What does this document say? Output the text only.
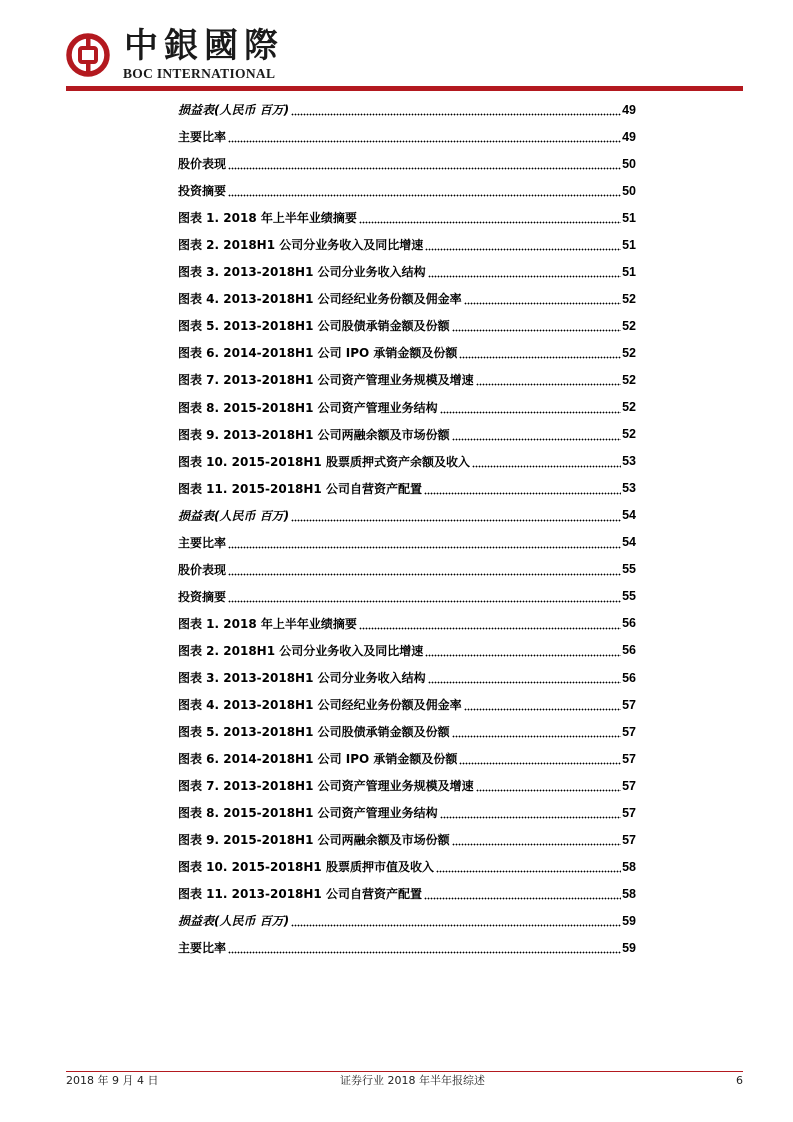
中銀國際
BOC INTERNATIONAL
损益表(人民币 百万)	49
主要比率	49
股价表现	50
投资摘要	50
图表 1. 2018 年上半年业绩摘要	51
图表 2. 2018H1 公司分业务收入及同比增速	51
图表 3. 2013-2018H1 公司分业务收入结构	51
图表 4. 2013-2018H1 公司经纪业务份额及佣金率	52
图表 5. 2013-2018H1 公司股债承销金额及份额	52
图表 6. 2014-2018H1 公司 IPO 承销金额及份额	52
图表 7. 2013-2018H1 公司资产管理业务规模及增速	52
图表 8. 2015-2018H1 公司资产管理业务结构	52
图表 9. 2013-2018H1 公司两融余额及市场份额	52
图表 10. 2015-2018H1 股票质押式资产余额及收入	53
图表 11. 2015-2018H1 公司自营资产配置	53
损益表(人民币 百万)	54
主要比率	54
股价表现	55
投资摘要	55
图表 1. 2018 年上半年业绩摘要	56
图表 2. 2018H1 公司分业务收入及同比增速	56
图表 3. 2013-2018H1 公司分业务收入结构	56
图表 4. 2013-2018H1 公司经纪业务份额及佣金率	57
图表 5. 2013-2018H1 公司股债承销金额及份额	57
图表 6. 2014-2018H1 公司 IPO 承销金额及份额	57
图表 7. 2013-2018H1 公司资产管理业务规模及增速	57
图表 8. 2015-2018H1 公司资产管理业务结构	57
图表 9. 2015-2018H1 公司两融余额及市场份额	57
图表 10. 2015-2018H1 股票质押市值及收入	58
图表 11. 2013-2018H1 公司自营资产配置	58
损益表(人民币 百万)	59
主要比率	59
2018 年 9 月 4 日	证券行业 2018 年半年报综述	6
